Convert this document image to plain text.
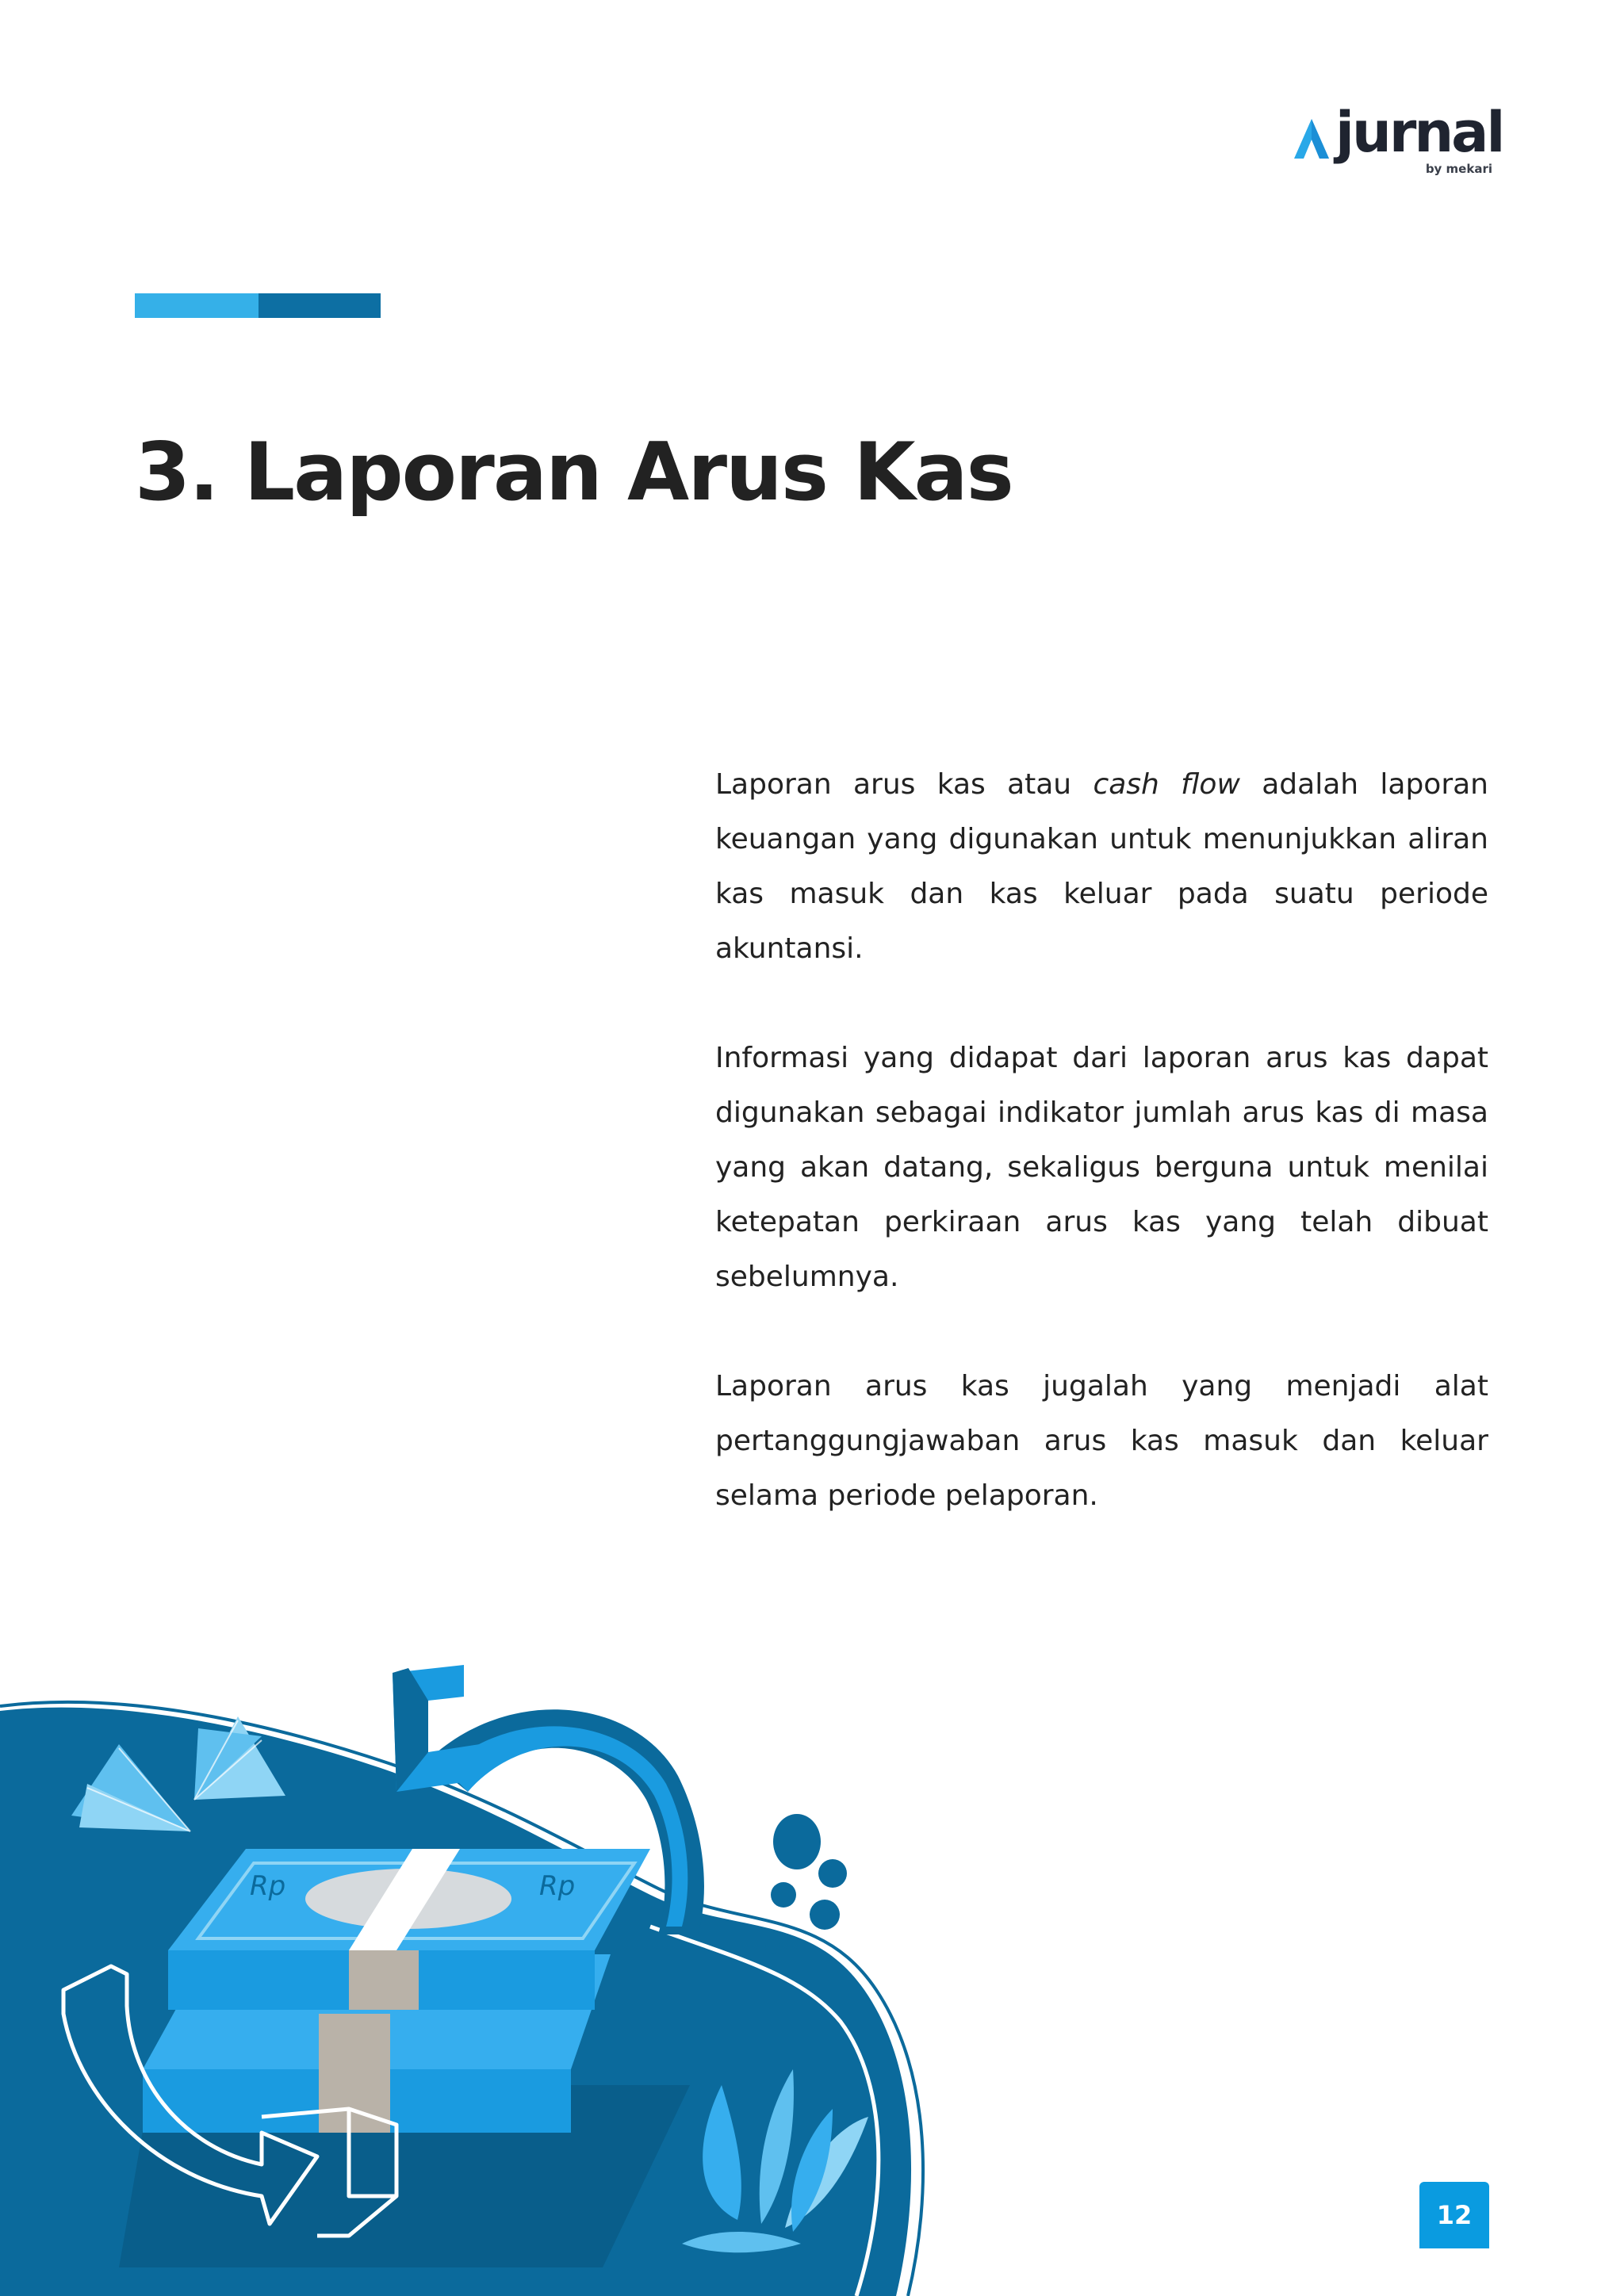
jurnal
by mekari
3. Laporan Arus Kas

Laporan arus kas atau cash flow adalah laporan keuangan yang digunakan untuk menunjukkan aliran kas masuk dan kas keluar pada suatu periode akuntansi.

Informasi yang didapat dari laporan arus kas dapat digunakan sebagai indikator jumlah arus kas di masa yang akan datang, sekaligus berguna untuk menilai ketepatan perkiraan arus kas yang telah dibuat sebelumnya.

Laporan arus kas jugalah yang menjadi alat pertanggungjawaban arus kas masuk dan keluar selama periode pelaporan.

Rp	Rp
12
